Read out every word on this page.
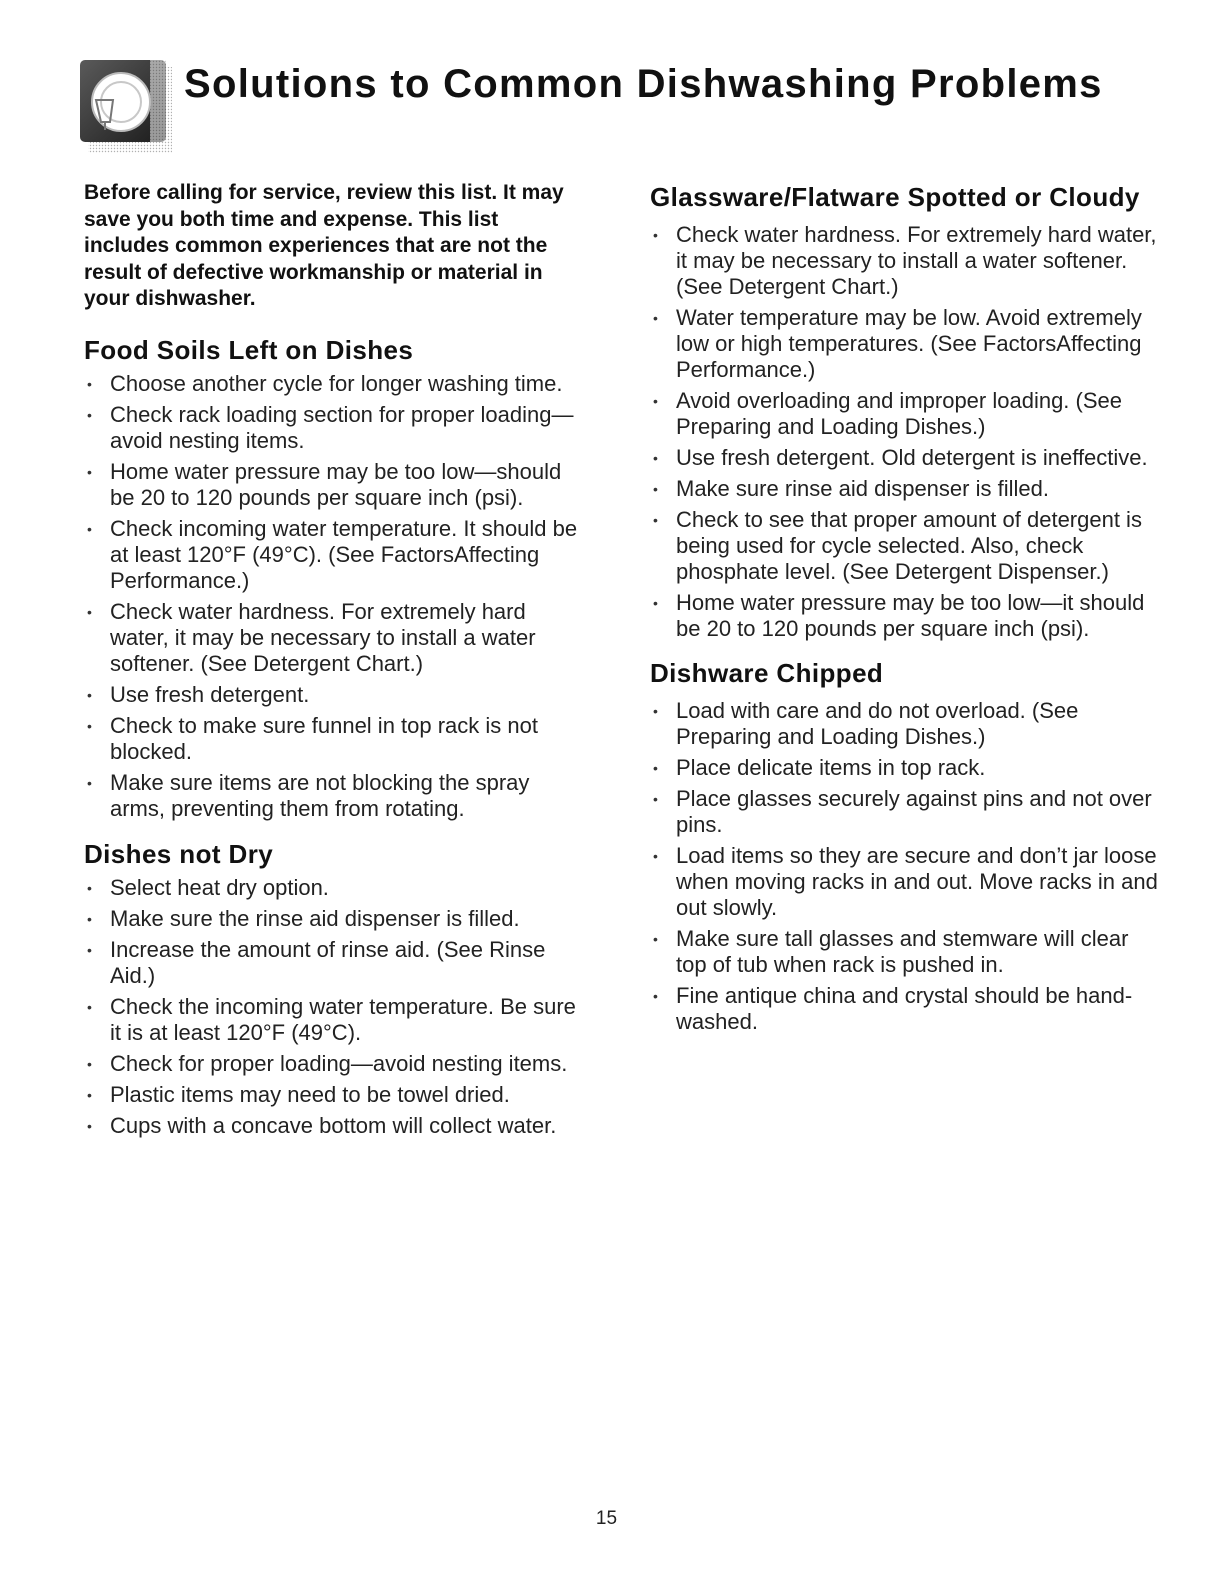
Solutions to Common Dishwashing Problems

Before calling for service, review this list. It may save you both time and expense. This list includes common experiences that are not the result of defective workmanship or material in your dishwasher.

Food Soils Left on Dishes
• Choose another cycle for longer washing time.
• Check rack loading section for proper loading—avoid nesting items.
• Home water pressure may be too low—should be 20 to 120 pounds per square inch (psi).
• Check incoming water temperature. It should be at least 120°F (49°C). (See FactorsAffecting Performance.)
• Check water hardness. For extremely hard water, it may be necessary to install a water softener. (See Detergent Chart.)
• Use fresh detergent.
• Check to make sure funnel in top rack is not blocked.
• Make sure items are not blocking the spray arms, preventing them from rotating.
Dishes not Dry
• Select heat dry option.
• Make sure the rinse aid dispenser is filled.
• Increase the amount of rinse aid. (See Rinse Aid.)
• Check the incoming water temperature. Be sure it is at least 120°F (49°C).
• Check for proper loading—avoid nesting items.
• Plastic items may need to be towel dried.
• Cups with a concave bottom will collect water.
Glassware/Flatware Spotted or Cloudy
• Check water hardness. For extremely hard water, it may be necessary to install a water softener. (See Detergent Chart.)
• Water temperature may be low. Avoid extremely low or high temperatures. (See FactorsAffecting Performance.)
• Avoid overloading and improper loading. (See Preparing and Loading Dishes.)
• Use fresh detergent. Old detergent is ineffective.
• Make sure rinse aid dispenser is filled.
• Check to see that proper amount of detergent is being used for cycle selected. Also, check phosphate level. (See Detergent Dispenser.)
• Home water pressure may be too low—it should be 20 to 120 pounds per square inch (psi).
Dishware Chipped
• Load with care and do not overload. (See Preparing and Loading Dishes.)
• Place delicate items in top rack.
• Place glasses securely against pins and not over pins.
• Load items so they are secure and don’t jar loose when moving racks in and out. Move racks in and out slowly.
• Make sure tall glasses and stemware will clear top of tub when rack is pushed in.
• Fine antique china and crystal should be hand-washed.
15
